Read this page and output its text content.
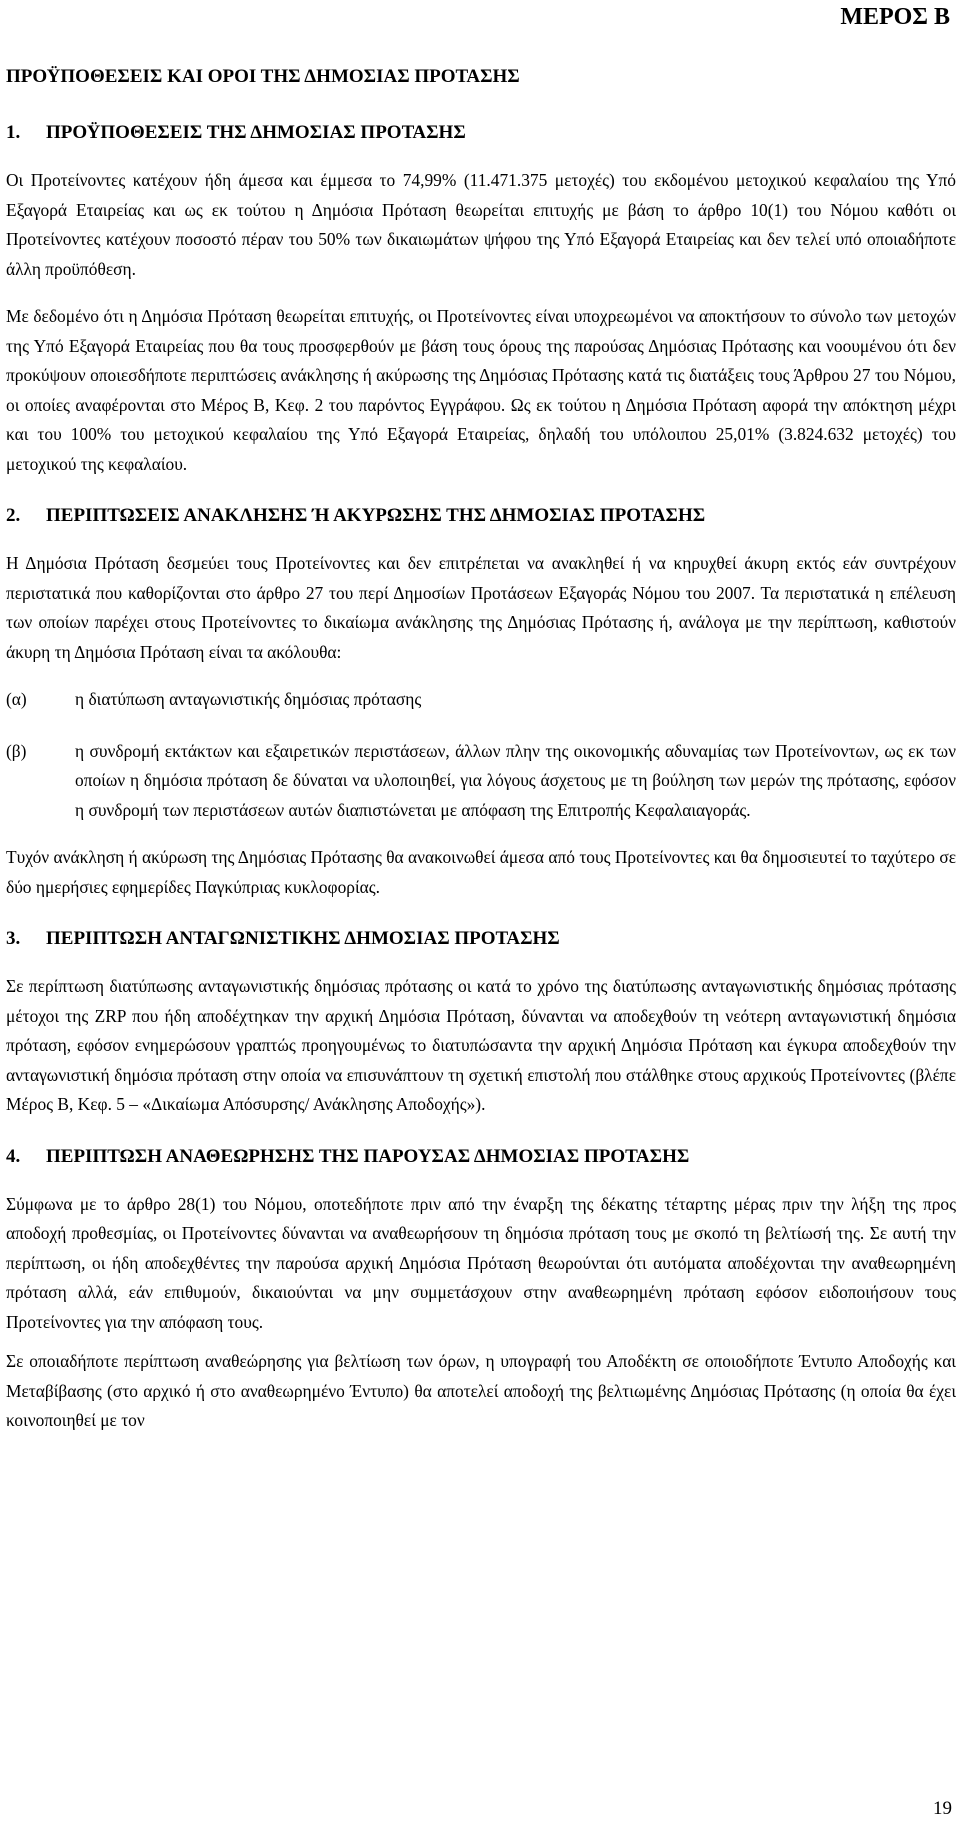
ΜΕΡΟΣ Β
ΠΡΟΫΠΟΘΕΣΕΙΣ ΚΑΙ ΟΡΟΙ ΤΗΣ ΔΗΜΟΣΙΑΣ ΠΡΟΤΑΣΗΣ
1.	ΠΡΟΫΠΟΘΕΣΕΙΣ ΤΗΣ ΔΗΜΟΣΙΑΣ ΠΡΟΤΑΣΗΣ

Οι Προτείνοντες κατέχουν ήδη άμεσα και έμμεσα το 74,99% (11.471.375 μετοχές) του εκδομένου μετοχικού κεφαλαίου της Υπό Εξαγορά Εταιρείας και ως εκ τούτου η Δημόσια Πρόταση θεωρείται επιτυχής με βάση το άρθρο 10(1) του Νόμου καθότι οι Προτείνοντες κατέχουν ποσοστό πέραν του 50% των δικαιωμάτων ψήφου της Υπό Εξαγορά Εταιρείας και δεν τελεί υπό οποιαδήποτε άλλη προϋπόθεση.

Με δεδομένο ότι η Δημόσια Πρόταση θεωρείται επιτυχής, οι Προτείνοντες είναι υποχρεωμένοι να αποκτήσουν το σύνολο των μετοχών της Υπό Εξαγορά Εταιρείας που θα τους προσφερθούν με βάση τους όρους της παρούσας Δημόσιας Πρότασης και νοουμένου ότι δεν προκύψουν οποιεσδήποτε περιπτώσεις ανάκλησης ή ακύρωσης της Δημόσιας Πρότασης κατά τις διατάξεις τους Άρθρου 27 του Νόμου, οι οποίες αναφέρονται στο Μέρος Β, Κεφ. 2 του παρόντος Εγγράφου. Ως εκ τούτου η Δημόσια Πρόταση αφορά την απόκτηση μέχρι και του 100% του μετοχικού κεφαλαίου της Υπό Εξαγορά Εταιρείας, δηλαδή του υπόλοιπου 25,01% (3.824.632 μετοχές) του μετοχικού της κεφαλαίου.

2.	ΠΕΡΙΠΤΩΣΕΙΣ ΑΝΑΚΛΗΣΗΣ Ή ΑΚΥΡΩΣΗΣ ΤΗΣ ΔΗΜΟΣΙΑΣ ΠΡΟΤΑΣΗΣ

Η Δημόσια Πρόταση δεσμεύει τους Προτείνοντες και δεν επιτρέπεται να ανακληθεί ή να κηρυχθεί άκυρη εκτός εάν συντρέχουν περιστατικά που καθορίζονται στο άρθρο 27 του περί Δημοσίων Προτάσεων Εξαγοράς Νόμου του 2007. Τα περιστατικά η επέλευση των οποίων παρέχει στους Προτείνοντες το δικαίωμα ανάκλησης της Δημόσιας Πρότασης ή, ανάλογα με την περίπτωση, καθιστούν άκυρη τη Δημόσια Πρόταση είναι τα ακόλουθα:

(α)	η διατύπωση ανταγωνιστικής δημόσιας πρότασης
(β)	η συνδρομή εκτάκτων και εξαιρετικών περιστάσεων, άλλων πλην της οικονομικής αδυναμίας των Προτείνοντων, ως εκ των οποίων η δημόσια πρόταση δε δύναται να υλοποιηθεί, για λόγους άσχετους με τη βούληση των μερών της πρότασης, εφόσον η συνδρομή των περιστάσεων αυτών διαπιστώνεται με απόφαση της Επιτροπής Κεφαλαιαγοράς.

Τυχόν ανάκληση ή ακύρωση της Δημόσιας Πρότασης θα ανακοινωθεί άμεσα από τους Προτείνοντες και θα δημοσιευτεί το ταχύτερο σε δύο ημερήσιες εφημερίδες Παγκύπριας κυκλοφορίας.

3.	ΠΕΡΙΠΤΩΣΗ ΑΝΤΑΓΩΝΙΣΤΙΚΗΣ ΔΗΜΟΣΙΑΣ ΠΡΟΤΑΣΗΣ

Σε περίπτωση διατύπωσης ανταγωνιστικής δημόσιας πρότασης οι κατά το χρόνο της διατύπωσης ανταγωνιστικής δημόσιας πρότασης μέτοχοι της ZRP που ήδη αποδέχτηκαν την αρχική Δημόσια Πρόταση, δύνανται να αποδεχθούν τη νεότερη ανταγωνιστική δημόσια πρόταση, εφόσον ενημερώσουν γραπτώς προηγουμένως το διατυπώσαντα την αρχική Δημόσια Πρόταση και έγκυρα αποδεχθούν την ανταγωνιστική δημόσια πρόταση στην οποία να επισυνάπτουν τη σχετική επιστολή που στάλθηκε στους αρχικούς Προτείνοντες (βλέπε Μέρος Β, Κεφ. 5 – «Δικαίωμα Απόσυρσης/ Ανάκλησης Αποδοχής»).

4.	ΠΕΡΙΠΤΩΣΗ ΑΝΑΘΕΩΡΗΣΗΣ ΤΗΣ ΠΑΡΟΥΣΑΣ ΔΗΜΟΣΙΑΣ ΠΡΟΤΑΣΗΣ

Σύμφωνα με το άρθρο 28(1) του Νόμου, οποτεδήποτε πριν από την έναρξη της δέκατης τέταρτης μέρας πριν την λήξη της προς αποδοχή προθεσμίας, οι Προτείνοντες δύνανται να αναθεωρήσουν τη δημόσια πρόταση τους με σκοπό τη βελτίωσή της. Σε αυτή την περίπτωση, οι ήδη αποδεχθέντες την παρούσα αρχική Δημόσια Πρόταση θεωρούνται ότι αυτόματα αποδέχονται την αναθεωρημένη πρόταση αλλά, εάν επιθυμούν, δικαιούνται να μην συμμετάσχουν στην αναθεωρημένη πρόταση εφόσον ειδοποιήσουν τους Προτείνοντες για την απόφαση τους.

Σε οποιαδήποτε περίπτωση αναθεώρησης για βελτίωση των όρων, η υπογραφή του Αποδέκτη σε οποιοδήποτε Έντυπο Αποδοχής και Μεταβίβασης (στο αρχικό ή στο αναθεωρημένο Έντυπο) θα αποτελεί αποδοχή της βελτιωμένης Δημόσιας Πρότασης (η οποία θα έχει κοινοποιηθεί με τον

19
